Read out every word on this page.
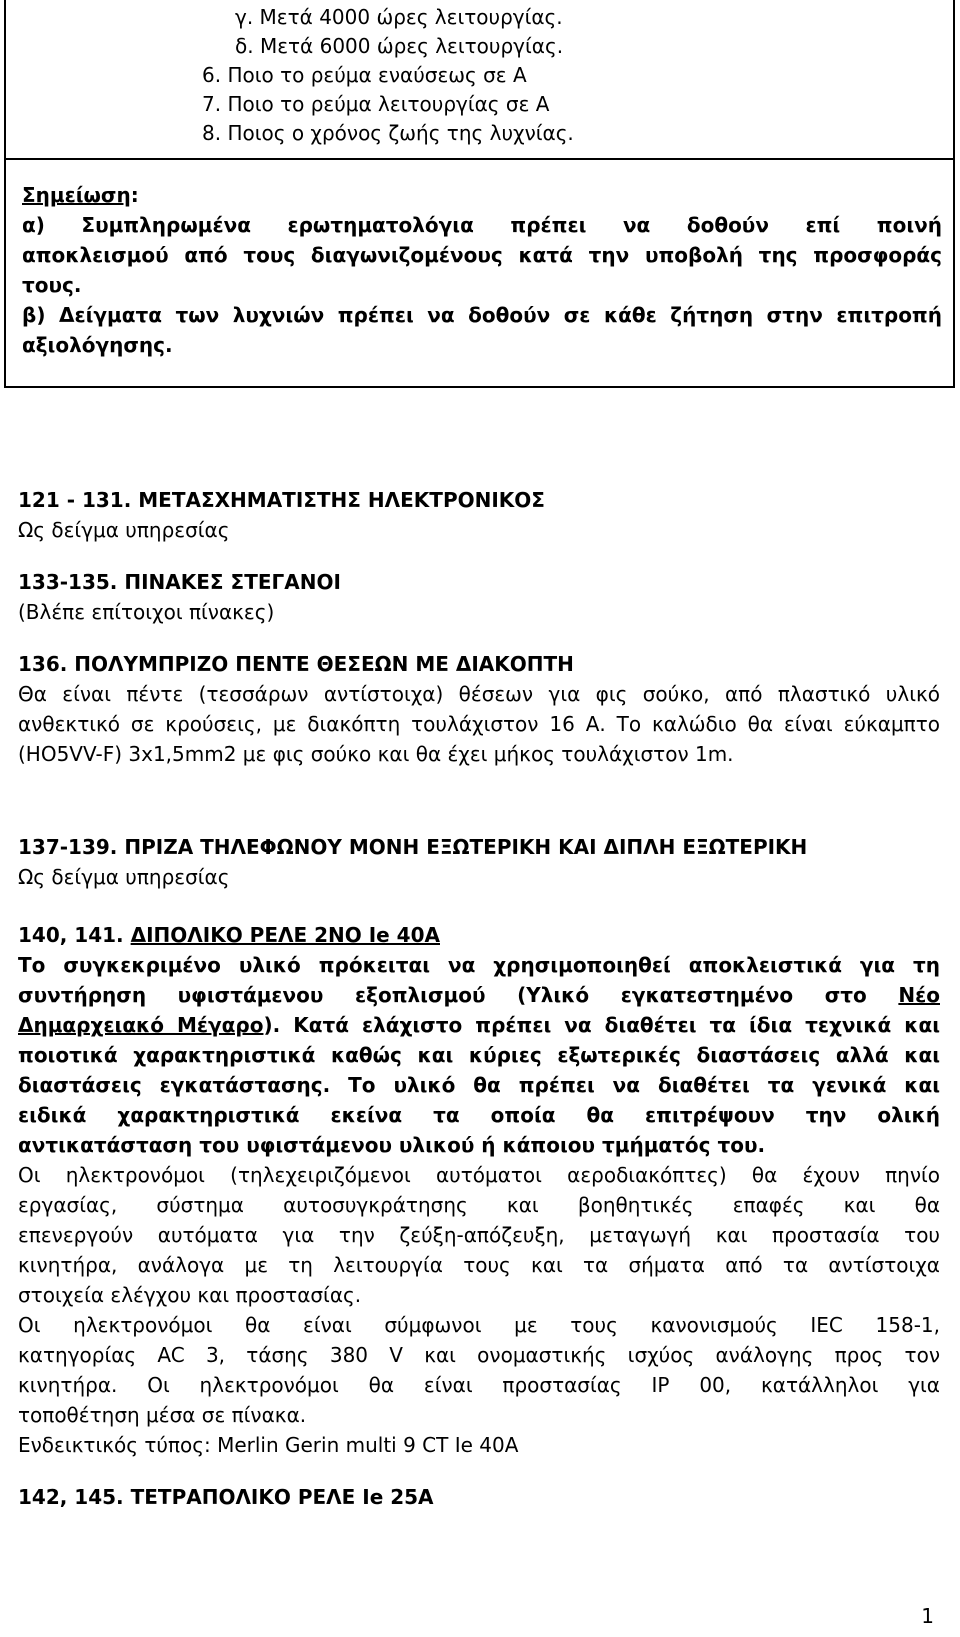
γ. Μετά 4000 ώρες λειτουργίας.
δ. Μετά 6000 ώρες λειτουργίας.
6. Ποιο το ρεύμα εναύσεως σε Α
7. Ποιο το ρεύμα λειτουργίας σε Α
8. Ποιος ο χρόνος ζωής της λυχνίας.
Σημείωση:
α) Συμπληρωμένα ερωτηματολόγια πρέπει να δοθούν επί ποινή
αποκλεισμού από τους διαγωνιζομένους κατά την υποβολή της προσφοράς
τους.
β) Δείγματα των λυχνιών πρέπει να δοθούν σε κάθε ζήτηση στην επιτροπή
αξιολόγησης.
121 - 131. ΜΕΤΑΣΧΗΜΑΤΙΣΤΗΣ ΗΛΕΚΤΡΟΝΙΚΟΣ
Ως δείγμα υπηρεσίας
133-135. ΠΙΝΑΚΕΣ ΣΤΕΓΑΝΟΙ
(Βλέπε επίτοιχοι πίνακες)
136. ΠΟΛΥΜΠΡΙΖΟ ΠΕΝΤΕ ΘΕΣΕΩΝ ΜΕ ΔΙΑΚΟΠΤΗ
Θα είναι πέντε (τεσσάρων αντίστοιχα) θέσεων για φις σούκο, από πλαστικό υλικό
ανθεκτικό σε κρούσεις, με διακόπτη τουλάχιστον 16 Α. Το καλώδιο θα είναι εύκαμπτο
(HO5VV-F) 3x1,5mm2 με φις σούκο και θα έχει μήκος τουλάχιστον 1m.
137-139. ΠΡΙΖΑ ΤΗΛΕΦΩΝΟΥ ΜΟΝΗ ΕΞΩΤΕΡΙΚΗ ΚΑΙ ΔΙΠΛΗ ΕΞΩΤΕΡΙΚΗ
Ως δείγμα υπηρεσίας
140, 141. ΔΙΠΟΛΙΚΟ ΡΕΛΕ 2ΝΟ Ie 40A
Το συγκεκριμένο υλικό πρόκειται να χρησιμοποιηθεί αποκλειστικά για τη
συντήρηση υφιστάμενου εξοπλισμού (Υλικό εγκατεστημένο στο Νέο
Δημαρχειακό Μέγαρο). Κατά ελάχιστο πρέπει να διαθέτει τα ίδια τεχνικά και
ποιοτικά χαρακτηριστικά καθώς και κύριες εξωτερικές διαστάσεις αλλά και
διαστάσεις εγκατάστασης. Το υλικό θα πρέπει να διαθέτει τα γενικά και
ειδικά χαρακτηριστικά εκείνα τα οποία θα επιτρέψουν την ολική
αντικατάσταση του υφιστάμενου υλικού ή κάποιου τμήματός του.
Οι ηλεκτρονόμοι (τηλεχειριζόμενοι αυτόματοι αεροδιακόπτες) θα έχουν πηνίο
εργασίας, σύστημα αυτοσυγκράτησης και βοηθητικές επαφές και θα
επενεργούν αυτόματα για την ζεύξη-απόζευξη, μεταγωγή και προστασία του
κινητήρα, ανάλογα με τη λειτουργία τους και τα σήματα από τα αντίστοιχα
στοιχεία ελέγχου και προστασίας.
Οι ηλεκτρονόμοι θα είναι σύμφωνοι με τους κανονισμούς IEC 158-1,
κατηγορίας AC 3, τάσης 380 V και ονομαστικής ισχύος ανάλογης προς τον
κινητήρα. Οι ηλεκτρονόμοι θα είναι προστασίας IP 00, κατάλληλοι για
τοποθέτηση μέσα σε πίνακα.
Ενδεικτικός τύπος: Merlin Gerin multi 9 CT Ie 40A
142, 145. ΤΕΤΡΑΠΟΛΙΚΟ ΡΕΛΕ Ie 25A
1
